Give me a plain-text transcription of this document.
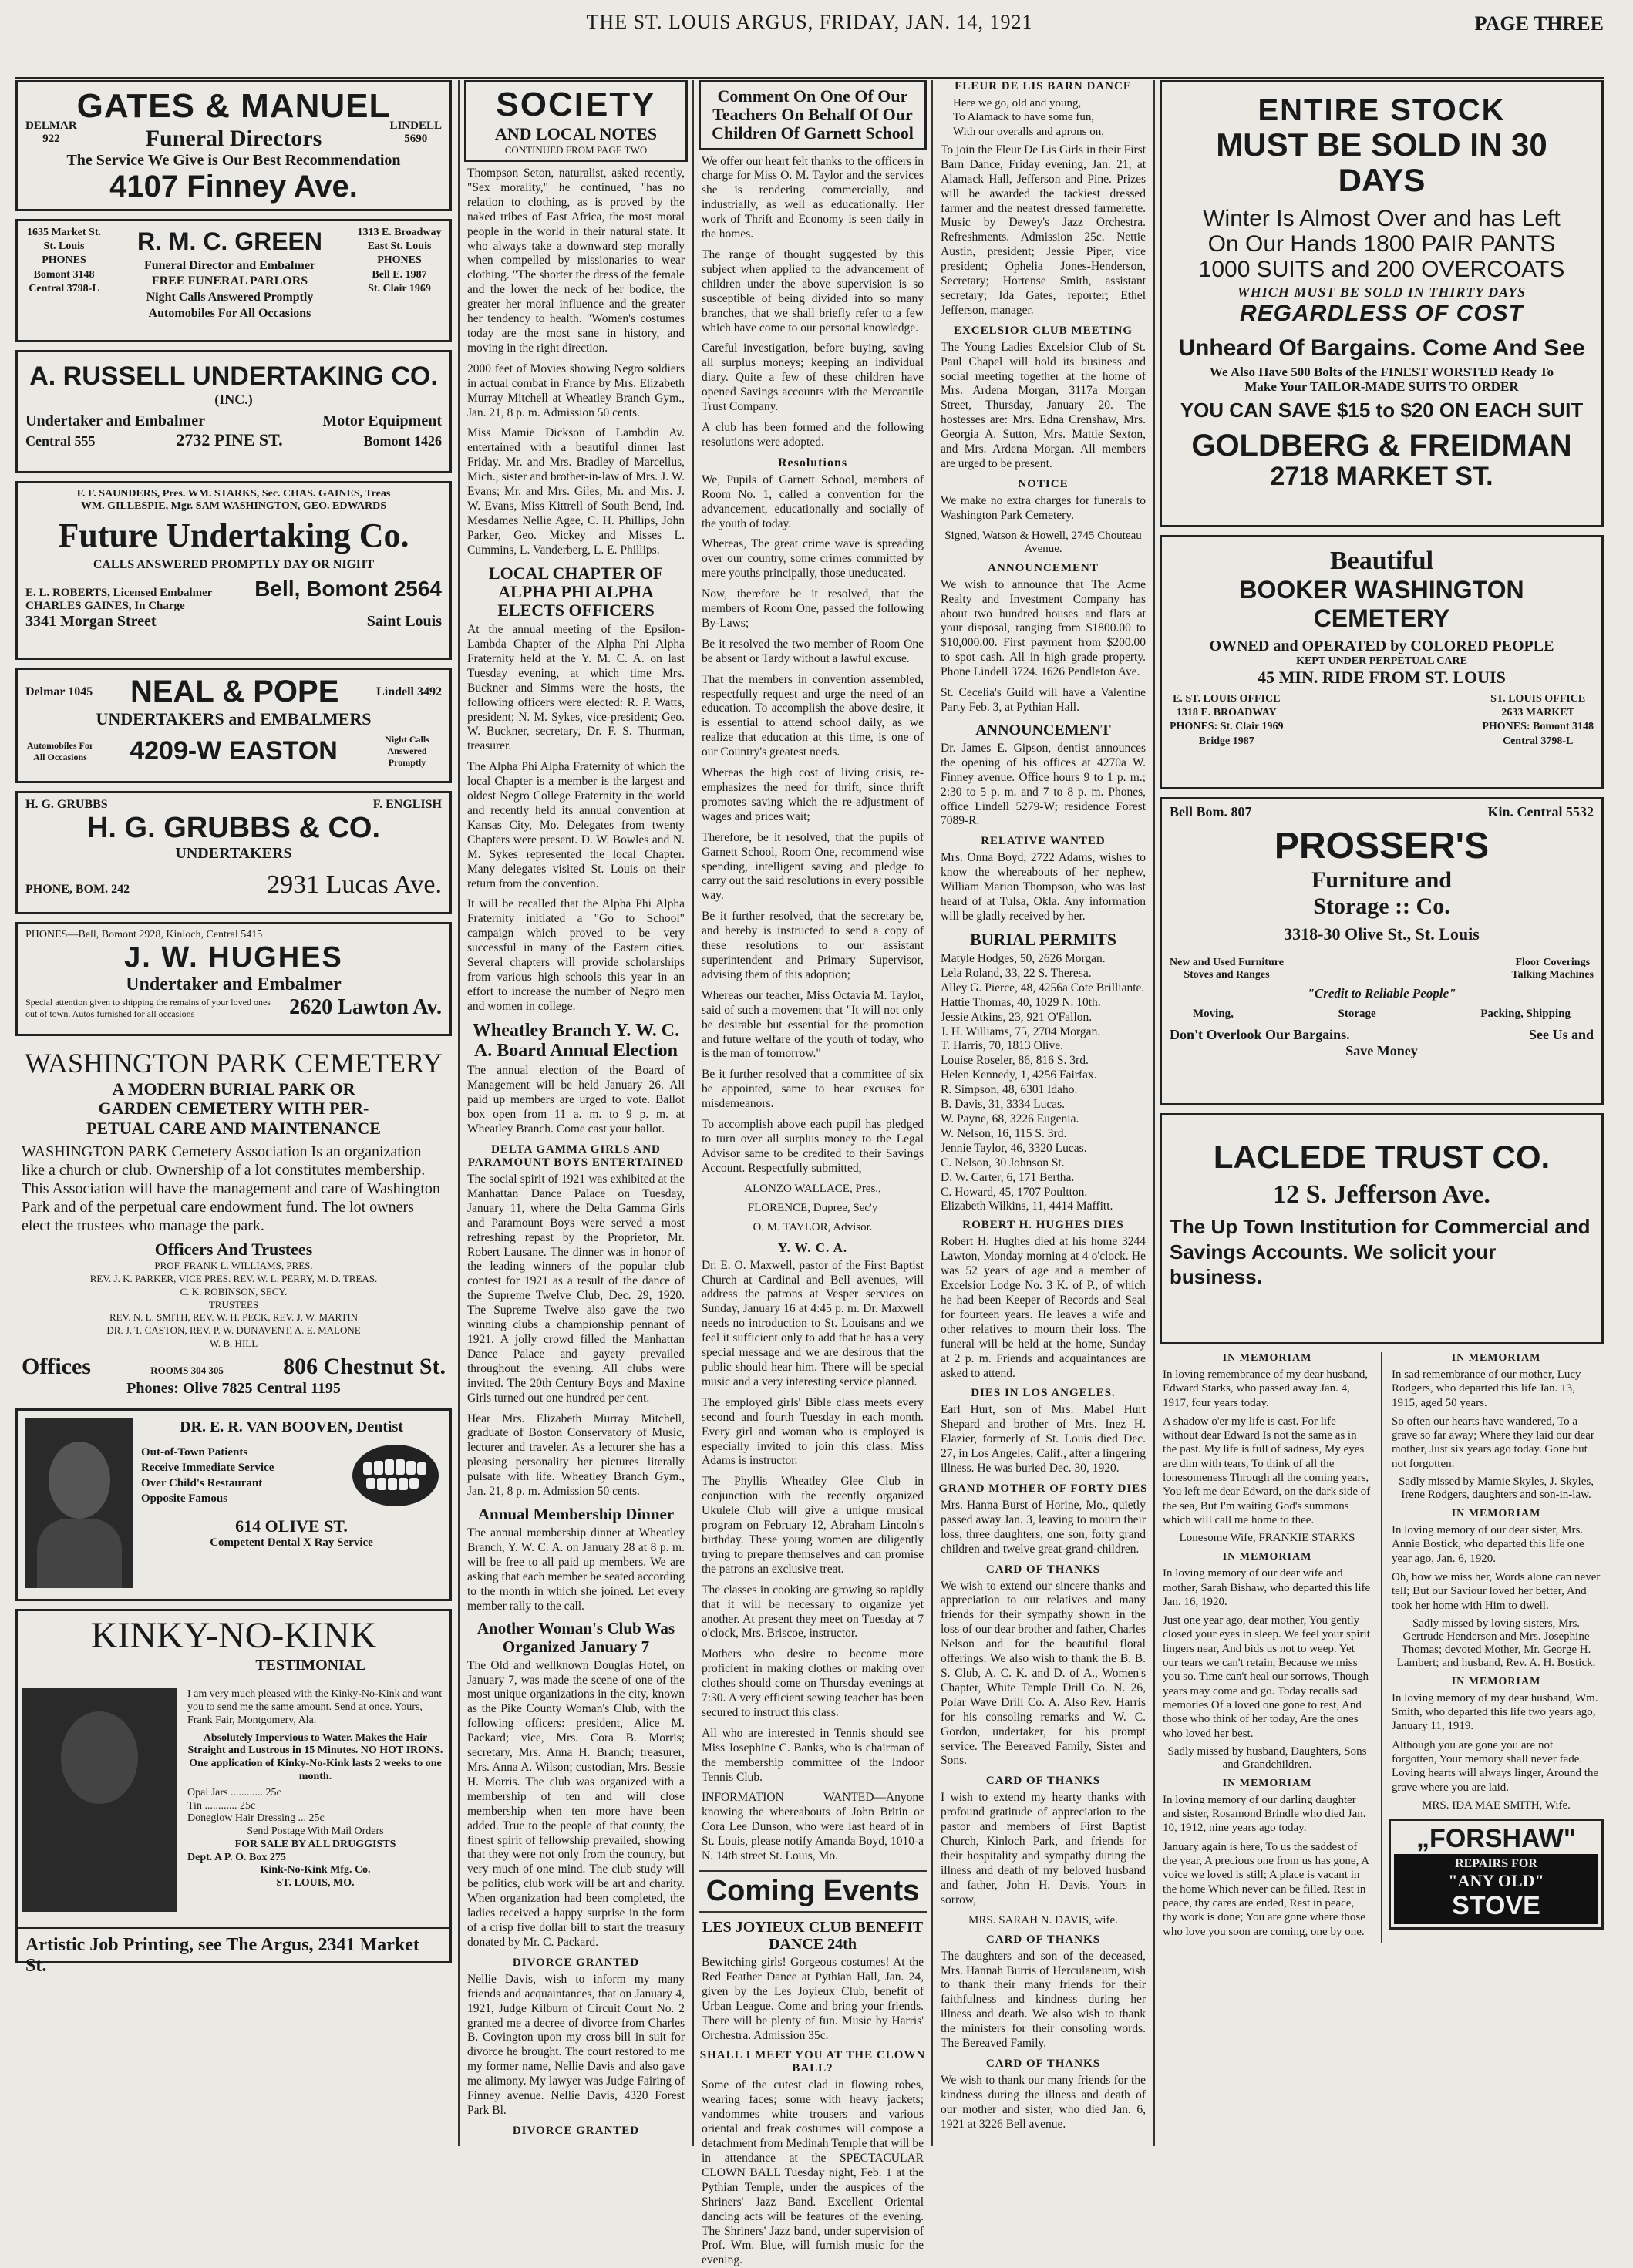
THE ST. LOUIS ARGUS, FRIDAY, JAN. 14, 1921	PAGE THREE
DELMAR
922
LINDELL
5690
GATES & MANUEL
Funeral Directors
The Service We Give is Our Best Recommendation
4107 Finney Ave.
1635 Market St.
St. Louis
PHONES
Bomont 3148
Central 3798-L
R. M. C. GREEN
Funeral Director and Embalmer
FREE FUNERAL PARLORS
Night Calls Answered Promptly
Automobiles For All Occasions
1313 E. Broadway
East St. Louis
PHONES
Bell E. 1987
St. Clair 1969
A. RUSSELL UNDERTAKING CO.
(INC.)
Undertaker and Embalmer	Motor Equipment
Central 555	2732 PINE ST.	Bomont 1426
F. F. SAUNDERS, Pres. WM. STARKS, Sec. CHAS. GAINES, Treas
WM. GILLESPIE, Mgr. SAM WASHINGTON, GEO. EDWARDS
Future Undertaking Co.
CALLS ANSWERED PROMPTLY DAY OR NIGHT
E. L. ROBERTS, Licensed Embalmer
CHARLES GAINES, In Charge
Bell, Bomont 2564
3341 Morgan Street	Saint Louis
Delmar 1045 NEAL & POPE	Lindell 3492
UNDERTAKERS and EMBALMERS
Automobiles For All Occasions 4209-W EASTON	Night Calls Answered Promptly
H. G. GRUBBS	F. ENGLISH
H. G. GRUBBS & CO.
UNDERTAKERS
PHONE, BOM. 242	2931 Lucas Ave.
PHONES—Bell, Bomont 2928, Kinloch, Central 5415
J. W. HUGHES
Undertaker and Embalmer
Special attention given to shipping the remains of your loved ones out of town. Autos furnished for all occasions	2620 Lawton Av.
WASHINGTON PARK CEMETERY
A MODERN BURIAL PARK OR
GARDEN CEMETERY WITH PER-
PETUAL CARE AND MAINTENANCE
WASHINGTON PARK Cemetery Association Is an organization like a church or club. Ownership of a lot constitutes membership. This Association will have the management and care of Washington Park and of the perpetual care endowment fund. The lot owners elect the trustees who manage the park.
Officers And Trustees
PROF. FRANK L. WILLIAMS, PRES.
REV. J. K. PARKER, VICE PRES. REV. W. L. PERRY, M. D. TREAS.
C. K. ROBINSON, SECY.
TRUSTEES
REV. N. L. SMITH, REV. W. H. PECK, REV. J. W. MARTIN
DR. J. T. CASTON, REV. P. W. DUNAVENT, A. E. MALONE
W. B. HILL
Offices	ROOMS 304 305	806 Chestnut St.
Phones: Olive 7825 Central 1195
DR. E. R. VAN BOOVEN, Dentist
Out-of-Town Patients
Receive Immediate Service
Over Child's Restaurant
Opposite Famous
614 OLIVE ST.
Competent Dental X Ray Service
KINKY-NO-KINK
TESTIMONIAL
I am very much pleased with the Kinky-No-Kink and want you to send me the same amount. Send at once. Yours, Frank Fair, Montgomery, Ala.
Absolutely Impervious to Water. Makes the Hair Straight and Lustrous in 15 Minutes. NO HOT IRONS. One application of Kinky-No-Kink lasts 2 weeks to one month.
Opal Jars ............ 25c
Tin ............ 25c
Doneglow Hair Dressing ... 25c
Send Postage With Mail Orders
FOR SALE BY ALL DRUGGISTS
Dept. A P. O. Box 275
Kink-No-Kink Mfg. Co.
ST. LOUIS, MO.
Artistic Job Printing, see The Argus, 2341 Market St.
SOCIETY
AND LOCAL NOTES
CONTINUED FROM PAGE TWO
Thompson Seton, naturalist, asked recently, "Sex morality," he continued, "has no relation to clothing, as is proved by the naked tribes of East Africa, the most moral people in the world in their natural state. It who always take a downward step morally when compelled by missionaries to wear clothing. "The shorter the dress of the female and the lower the neck of her bodice, the greater her moral influence and the greater her tendency to health. "Women's costumes today are the most sane in history, and moving in the right direction.
2000 feet of Movies showing Negro soldiers in actual combat in France by Mrs. Elizabeth Murray Mitchell at Wheatley Branch Gym., Jan. 21, 8 p. m. Admission 50 cents.
Miss Mamie Dickson of Lambdin Av. entertained with a beautiful dinner last Friday. Mr. and Mrs. Bradley of Marcellus, Mich., sister and brother-in-law of Mrs. J. W. Evans; Mr. and Mrs. Giles, Mr. and Mrs. J. W. Evans, Miss Kittrell of South Bend, Ind. Mesdames Nellie Agee, C. H. Phillips, John Parker, Geo. Mickey and Misses L. Cummins, L. Vanderberg, L. E. Phillips.
LOCAL CHAPTER OF ALPHA PHI ALPHA ELECTS OFFICERS
At the annual meeting of the Epsilon-Lambda Chapter of the Alpha Phi Alpha Fraternity held at the Y. M. C. A. on last Tuesday evening, at which time Mrs. Buckner and Simms were the hosts, the following officers were elected: R. P. Watts, president; N. M. Sykes, vice-president; Geo. W. Buckner, secretary, Dr. F. S. Thurman, treasurer.
The Alpha Phi Alpha Fraternity of which the local Chapter is a member is the largest and oldest Negro College Fraternity in the world and recently held its annual convention at Kansas City, Mo. Delegates from twenty Chapters were present. D. W. Bowles and N. M. Sykes represented the local Chapter. Many delegates visited St. Louis on their return from the convention.
It will be recalled that the Alpha Phi Alpha Fraternity initiated a "Go to School" campaign which proved to be very successful in many of the Eastern cities. Several chapters will provide scholarships from various high schools this year in an effort to increase the number of Negro men and women in college.
Wheatley Branch Y. W. C. A. Board Annual Election
The annual election of the Board of Management will be held January 26. All paid up members are urged to vote. Ballot box open from 11 a. m. to 9 p. m. at Wheatley Branch. Come cast your ballot.
DELTA GAMMA GIRLS AND PARAMOUNT BOYS ENTERTAINED
The social spirit of 1921 was exhibited at the Manhattan Dance Palace on Tuesday, January 11, where the Delta Gamma Girls and Paramount Boys were served a most refreshing repast by the Proprietor, Mr. Robert Lausane. The dinner was in honor of the leading winners of the popular club contest for 1921 as a result of the dance of the Supreme Twelve Club, Dec. 29, 1920. The Supreme Twelve also gave the two winning clubs a championship pennant of 1921. A jolly crowd filled the Manhattan Dance Palace and gayety prevailed throughout the evening. All clubs were invited. The 20th Century Boys and Maxine Girls turned out one hundred per cent.
Hear Mrs. Elizabeth Murray Mitchell, graduate of Boston Conservatory of Music, lecturer and traveler. As a lecturer she has a pleasing personality her pictures literally pulsate with life. Wheatley Branch Gym., Jan. 21, 8 p. m. Admission 50 cents.
Annual Membership Dinner
The annual membership dinner at Wheatley Branch, Y. W. C. A. on January 28 at 8 p. m. will be free to all paid up members. We are asking that each member be seated according to the month in which she joined. Let every member rally to the call.
Another Woman's Club Was Organized January 7
The Old and wellknown Douglas Hotel, on January 7, was made the scene of one of the most unique organizations in the city, known as the Pike County Woman's Club, with the following officers: president, Alice M. Packard; vice, Mrs. Cora B. Morris; secretary, Mrs. Anna H. Branch; treasurer, Mrs. Anna A. Wilson; custodian, Mrs. Bessie H. Morris. The club was organized with a membership of ten and will close membership when ten more have been added. True to the people of that county, the finest spirit of fellowship prevailed, showing that they were not only from the country, but very much of one mind. The club study will be politics, club work will be art and charity. When organization had been completed, the ladies received a happy surprise in the form of a crisp five dollar bill to start the treasury donated by Mr. C. Packard.
DIVORCE GRANTED
Nellie Davis, wish to inform my many friends and acquaintances, that on January 4, 1921, Judge Kilburn of Circuit Court No. 2 granted me a decree of divorce from Charles B. Covington upon my cross bill in suit for divorce he brought. The court restored to me my former name, Nellie Davis and also gave me alimony. My lawyer was Judge Fairing of Finney avenue. Nellie Davis, 4320 Forest Park Bl.
DIVORCE GRANTED
Comment On One Of Our Teachers On Behalf Of Our Children Of Garnett School
We offer our heart felt thanks to the officers in charge for Miss O. M. Taylor and the services she is rendering commercially, and industrially, as well as educationally. Her work of Thrift and Economy is seen daily in the homes.
The range of thought suggested by this subject when applied to the advancement of children under the above supervision is so susceptible of being divided into so many branches, that we shall briefly refer to a few which have come to our personal knowledge.
Careful investigation, before buying, saving all surplus moneys; keeping an individual diary. Quite a few of these children have opened Savings accounts with the Mercantile Trust Company.
A club has been formed and the following resolutions were adopted.
Resolutions
We, Pupils of Garnett School, members of Room No. 1, called a convention for the advancement, educationally and socially of the youth of today.
Whereas, The great crime wave is spreading over our country, some crimes committed by mere youths principally, those uneducated.
Now, therefore be it resolved, that the members of Room One, passed the following By-Laws;
Be it resolved the two member of Room One be absent or Tardy without a lawful excuse.
That the members in convention assembled, respectfully request and urge the need of an education. To accomplish the above desire, it is essential to attend school daily, as we realize that education at this time, is one of our Country's greatest needs.
Whereas the high cost of living crisis, re-emphasizes the need for thrift, since thrift promotes saving which the re-adjustment of wages and prices wait;
Therefore, be it resolved, that the pupils of Garnett School, Room One, recommend wise spending, intelligent saving and pledge to carry out the said resolutions in every possible way.
Be it further resolved, that the secretary be, and hereby is instructed to send a copy of these resolutions to our assistant superintendent and Primary Supervisor, advising them of this adoption;
Whereas our teacher, Miss Octavia M. Taylor, said of such a movement that "It will not only be desirable but essential for the promotion and future welfare of the youth of today, who is the man of tomorrow."
Be it further resolved that a committee of six be appointed, same to hear excuses for misdemeanors.
To accomplish above each pupil has pledged to turn over all surplus money to the Legal Advisor same to be credited to their Savings Account. Respectfully submitted,
ALONZO WALLACE, Pres.,
FLORENCE, Dupree, Sec'y
O. M. TAYLOR, Advisor.
Y. W. C. A.
Dr. E. O. Maxwell, pastor of the First Baptist Church at Cardinal and Bell avenues, will address the patrons at Vesper services on Sunday, January 16 at 4:45 p. m. Dr. Maxwell needs no introduction to St. Louisans and we feel it sufficient only to add that he has a very special message and we are desirous that the public should hear him. There will be special music and a very interesting service planned.
The employed girls' Bible class meets every second and fourth Tuesday in each month. Every girl and woman who is employed is especially invited to join this class. Miss Adams is instructor.
The Phyllis Wheatley Glee Club in conjunction with the recently organized Ukulele Club will give a unique musical program on February 12, Abraham Lincoln's birthday. These young women are diligently trying to prepare themselves and can promise the patrons an exclusive treat.
The classes in cooking are growing so rapidly that it will be necessary to organize yet another. At present they meet on Tuesday at 7 o'clock, Mrs. Briscoe, instructor.
Mothers who desire to become more proficient in making clothes or making over clothes should come on Thursday evenings at 7:30. A very efficient sewing teacher has been secured to instruct this class.
All who are interested in Tennis should see Miss Josephine C. Banks, who is chairman of the membership committee of the Indoor Tennis Club.
INFORMATION WANTED—Anyone knowing the whereabouts of John Britin or Cora Lee Dunson, who were last heard of in St. Louis, please notify Amanda Boyd, 1010-a N. 14th street St. Louis, Mo.
Coming Events
LES JOYIEUX CLUB BENEFIT DANCE 24th
Bewitching girls! Gorgeous costumes! At the Red Feather Dance at Pythian Hall, Jan. 24, given by the Les Joyieux Club, benefit of Urban League. Come and bring your friends. There will be plenty of fun. Music by Harris' Orchestra. Admission 35c.
SHALL I MEET YOU AT THE CLOWN BALL?
Some of the cutest clad in flowing robes, wearing faces; some with heavy jackets; vandommes white trousers and various oriental and freak costumes will compose a detachment from Medinah Temple that will be in attendance at the SPECTACULAR CLOWN BALL Tuesday night, Feb. 1 at the Pythian Temple, under the auspices of the Shriners' Jazz Band. Excellent Oriental dancing acts will be features of the evening. The Shriners' Jazz band, under supervision of Prof. Wm. Blue, will furnish music for the evening.
FLEUR DE LIS BARN DANCE
Here we go, old and young,
To Alamack to have some fun,
With our overalls and aprons on,
To join the Fleur De Lis Girls in their First Barn Dance, Friday evening, Jan. 21, at Alamack Hall, Jefferson and Pine. Prizes will be awarded the tackiest dressed farmer and the neatest dressed farmerette. Music by Dewey's Jazz Orchestra. Refreshments. Admission 25c. Nettie Austin, president; Jessie Piper, vice president; Ophelia Jones-Henderson, Secretary; Hortense Smith, assistant secretary; Ida Gates, reporter; Ethel Jefferson, manager.
EXCELSIOR CLUB MEETING
The Young Ladies Excelsior Club of St. Paul Chapel will hold its business and social meeting together at the home of Mrs. Ardena Morgan, 3117a Morgan Street, Thursday, January 20. The hostesses are: Mrs. Edna Crenshaw, Mrs. Georgia A. Sutton, Mrs. Mattie Sexton, and Mrs. Ardena Morgan. All members are urged to be present.
NOTICE
We make no extra charges for funerals to Washington Park Cemetery.
Signed, Watson & Howell, 2745 Chouteau Avenue.
ANNOUNCEMENT
We wish to announce that The Acme Realty and Investment Company has about two hundred houses and flats at your disposal, ranging from $1800.00 to $10,000.00. First payment from $200.00 to spot cash. All in high grade property. Phone Lindell 3724. 1626 Pendleton Ave.
St. Cecelia's Guild will have a Valentine Party Feb. 3, at Pythian Hall.
ANNOUNCEMENT
Dr. James E. Gipson, dentist announces the opening of his offices at 4270a W. Finney avenue. Office hours 9 to 1 p. m.; 2:30 to 5 p. m. and 7 to 8 p. m. Phones, office Lindell 5279-W; residence Forest 7089-R.
RELATIVE WANTED
Mrs. Onna Boyd, 2722 Adams, wishes to know the whereabouts of her nephew, William Marion Thompson, who was last heard of at Tulsa, Okla. Any information will be gladly received by her.
BURIAL PERMITS
Matyle Hodges, 50, 2626 Morgan.
Lela Roland, 33, 22 S. Theresa.
Alley G. Pierce, 48, 4256a Cote Brilliante.
Hattie Thomas, 40, 1029 N. 10th.
Jessie Atkins, 23, 921 O'Fallon.
J. H. Williams, 75, 2704 Morgan.
T. Harris, 70, 1813 Olive.
Louise Roseler, 86, 816 S. 3rd.
Helen Kennedy, 1, 4256 Fairfax.
R. Simpson, 48, 6301 Idaho.
B. Davis, 31, 3334 Lucas.
W. Payne, 68, 3226 Eugenia.
W. Nelson, 16, 115 S. 3rd.
Jennie Taylor, 46, 3320 Lucas.
C. Nelson, 30 Johnson St.
D. W. Carter, 6, 171 Bertha.
C. Howard, 45, 1707 Poultton.
Elizabeth Wilkins, 11, 4414 Maffitt.
ROBERT H. HUGHES DIES
Robert H. Hughes died at his home 3244 Lawton, Monday morning at 4 o'clock. He was 52 years of age and a member of Excelsior Lodge No. 3 K. of P., of which he had been Keeper of Records and Seal for fourteen years. He leaves a wife and other relatives to mourn their loss. The funeral will be held at the home, Sunday at 2 p. m. Friends and acquaintances are asked to attend.
DIES IN LOS ANGELES.
Earl Hurt, son of Mrs. Mabel Hurt Shepard and brother of Mrs. Inez H. Elazier, formerly of St. Louis died Dec. 27, in Los Angeles, Calif., after a lingering illness. He was buried Dec. 30, 1920.
GRAND MOTHER OF FORTY DIES
Mrs. Hanna Burst of Horine, Mo., quietly passed away Jan. 3, leaving to mourn their loss, three daughters, one son, forty grand children and twelve great-grand-children.
CARD OF THANKS
We wish to extend our sincere thanks and appreciation to our relatives and many friends for their sympathy shown in the loss of our dear brother and father, Charles Nelson and for the beautiful floral offerings. We also wish to thank the B. B. S. Club, A. C. K. and D. of A., Women's Chapter, White Temple Drill Co. N. 26, Polar Wave Drill Co. A. Also Rev. Harris for his consoling remarks and W. C. Gordon, undertaker, for his prompt service. The Bereaved Family, Sister and Sons.
CARD OF THANKS
I wish to extend my hearty thanks with profound gratitude of appreciation to the pastor and members of First Baptist Church, Kinloch Park, and friends for their hospitality and sympathy during the illness and death of my beloved husband and father, John H. Davis. Yours in sorrow,
MRS. SARAH N. DAVIS, wife.
CARD OF THANKS
The daughters and son of the deceased, Mrs. Hannah Burris of Herculaneum, wish to thank their many friends for their faithfulness and kindness during her illness and death. We also wish to thank the ministers for their consoling words. The Bereaved Family.
CARD OF THANKS
We wish to thank our many friends for the kindness during the illness and death of our mother and sister, who died Jan. 6, 1921 at 3226 Bell avenue.
ENTIRE STOCK
MUST BE SOLD IN 30 DAYS
Winter Is Almost Over and has Left
On Our Hands 1800 PAIR PANTS
1000 SUITS and 200 OVERCOATS
WHICH MUST BE SOLD IN THIRTY DAYS
REGARDLESS OF COST
Unheard Of Bargains. Come And See
We Also Have 500 Bolts of the FINEST WORSTED Ready To Make Your TAILOR-MADE SUITS TO ORDER
YOU CAN SAVE $15 to $20 ON EACH SUIT
GOLDBERG & FREIDMAN
2718 MARKET ST.
Beautiful
BOOKER WASHINGTON CEMETERY
OWNED and OPERATED by COLORED PEOPLE
KEPT UNDER PERPETUAL CARE
45 MIN. RIDE FROM ST. LOUIS
E. ST. LOUIS OFFICE
1318 E. BROADWAY
PHONES: St. Clair 1969
Bridge 1987
ST. LOUIS OFFICE
2633 MARKET
PHONES: Bomont 3148
Central 3798-L
Bell Bom. 807	Kin. Central 5532
PROSSER'S
Furniture and
Storage :: Co.
3318-30 Olive St., St. Louis
New and Used Furniture
Stoves and Ranges
Floor Coverings
Talking Machines
"Credit to Reliable People"
Moving,	Storage	Packing, Shipping
Don't Overlook Our Bargains.	See Us and
Save Money
LACLEDE TRUST CO.
12 S. Jefferson Ave.
The Up Town Institution for Commercial and Savings Accounts. We solicit your business.
IN MEMORIAM
In loving remembrance of my dear husband, Edward Starks, who passed away Jan. 4, 1917, four years today.
A shadow o'er my life is cast. For life without dear Edward Is not the same as in the past. My life is full of sadness, My eyes are dim with tears, To think of all the lonesomeness Through all the coming years, You left me dear Edward, on the dark side of the sea, But I'm waiting God's summons which will call me home to thee.
Lonesome Wife, FRANKIE STARKS
IN MEMORIAM
In loving memory of our dear wife and mother, Sarah Bishaw, who departed this life Jan. 16, 1920.
Just one year ago, dear mother, You gently closed your eyes in sleep. We feel your spirit lingers near, And bids us not to weep. Yet our tears we can't retain, Because we miss you so. Time can't heal our sorrows, Though years may come and go. Today recalls sad memories Of a loved one gone to rest, And those who think of her today, Are the ones who loved her best.
Sadly missed by husband, Daughters, Sons and Grandchildren.
IN MEMORIAM
In loving memory of our darling daughter and sister, Rosamond Brindle who died Jan. 10, 1912, nine years ago today.
January again is here, To us the saddest of the year, A precious one from us has gone, A voice we loved is still; A place is vacant in the home Which never can be filled. Rest in peace, thy cares are ended, Rest in peace, thy work is done; You are gone where those who love you soon are coming, one by one.
IN MEMORIAM
In sad remembrance of our mother, Lucy Rodgers, who departed this life Jan. 13, 1915, aged 50 years.
So often our hearts have wandered, To a grave so far away; Where they laid our dear mother, Just six years ago today. Gone but not forgotten.
Sadly missed by Mamie Skyles, J. Skyles, Irene Rodgers, daughters and son-in-law.
IN MEMORIAM
In loving memory of our dear sister, Mrs. Annie Bostick, who departed this life one year ago, Jan. 6, 1920.
Oh, how we miss her, Words alone can never tell; But our Saviour loved her better, And took her home with Him to dwell.
Sadly missed by loving sisters, Mrs. Gertrude Henderson and Mrs. Josephine Thomas; devoted Mother, Mr. George H. Lambert; and husband, Rev. A. H. Bostick.
IN MEMORIAM
In loving memory of my dear husband, Wm. Smith, who departed this life two years ago, January 11, 1919.
Although you are gone you are not forgotten, Your memory shall never fade. Loving hearts will always linger, Around the grave where you are laid.
MRS. IDA MAE SMITH, Wife.
„FORSHAW"
REPAIRS FOR
"ANY OLD"
STOVE
